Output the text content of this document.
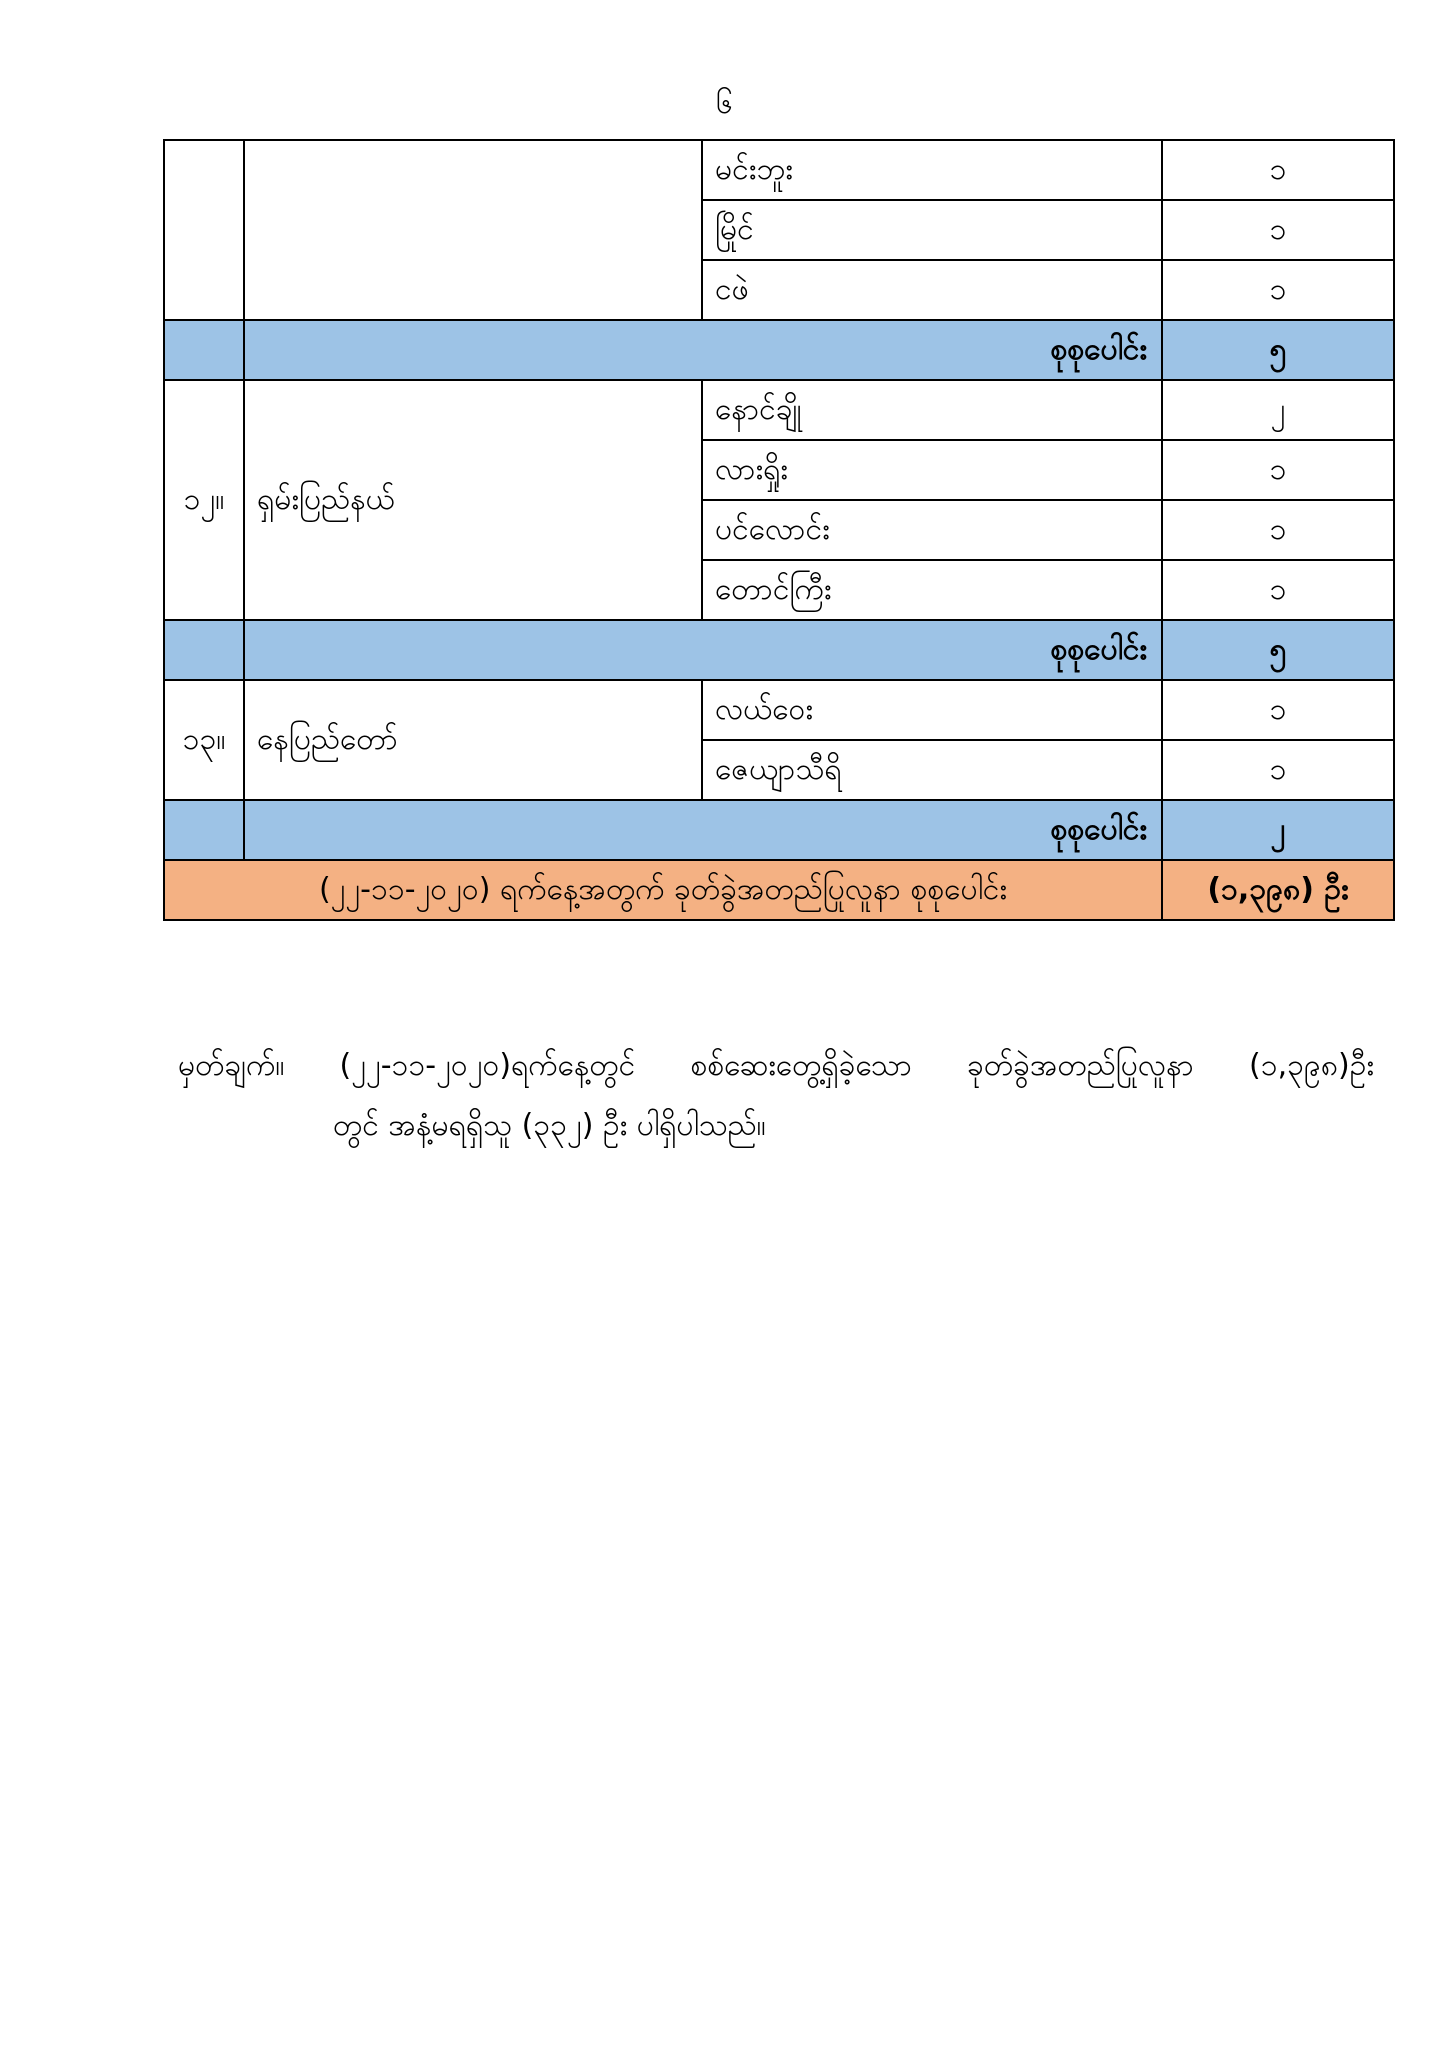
၆
		မင်းဘူး	၁
		မြိုင်	၁
		ငဖဲ	၁
	စုစုပေါင်း		၅
၁၂။	ရှမ်းပြည်နယ်	နောင်ချို	၂
		လားရှိုး	၁
		ပင်လောင်း	၁
		တောင်ကြီး	၁
	စုစုပေါင်း		၅
၁၃။	နေပြည်တော်	လယ်ဝေး	၁
		ဇေယျာသီရိ	၁
	စုစုပေါင်း		၂
(၂၂-၁၁-၂၀၂၀) ရက်နေ့အတွက် ခုတ်ခွဲအတည်ပြုလူနာ စုစုပေါင်း			(၁,၃၉၈) ဦး
မှတ်ချက်။ (၂၂-၁၁-၂၀၂၀)ရက်နေ့တွင် စစ်ဆေးတွေ့ရှိခဲ့သော ခုတ်ခွဲအတည်ပြုလူနာ (၁,၃၉၈)ဦး
တွင် အနံ့မရရှိသူ (၃၃၂) ဦး ပါရှိပါသည်။
